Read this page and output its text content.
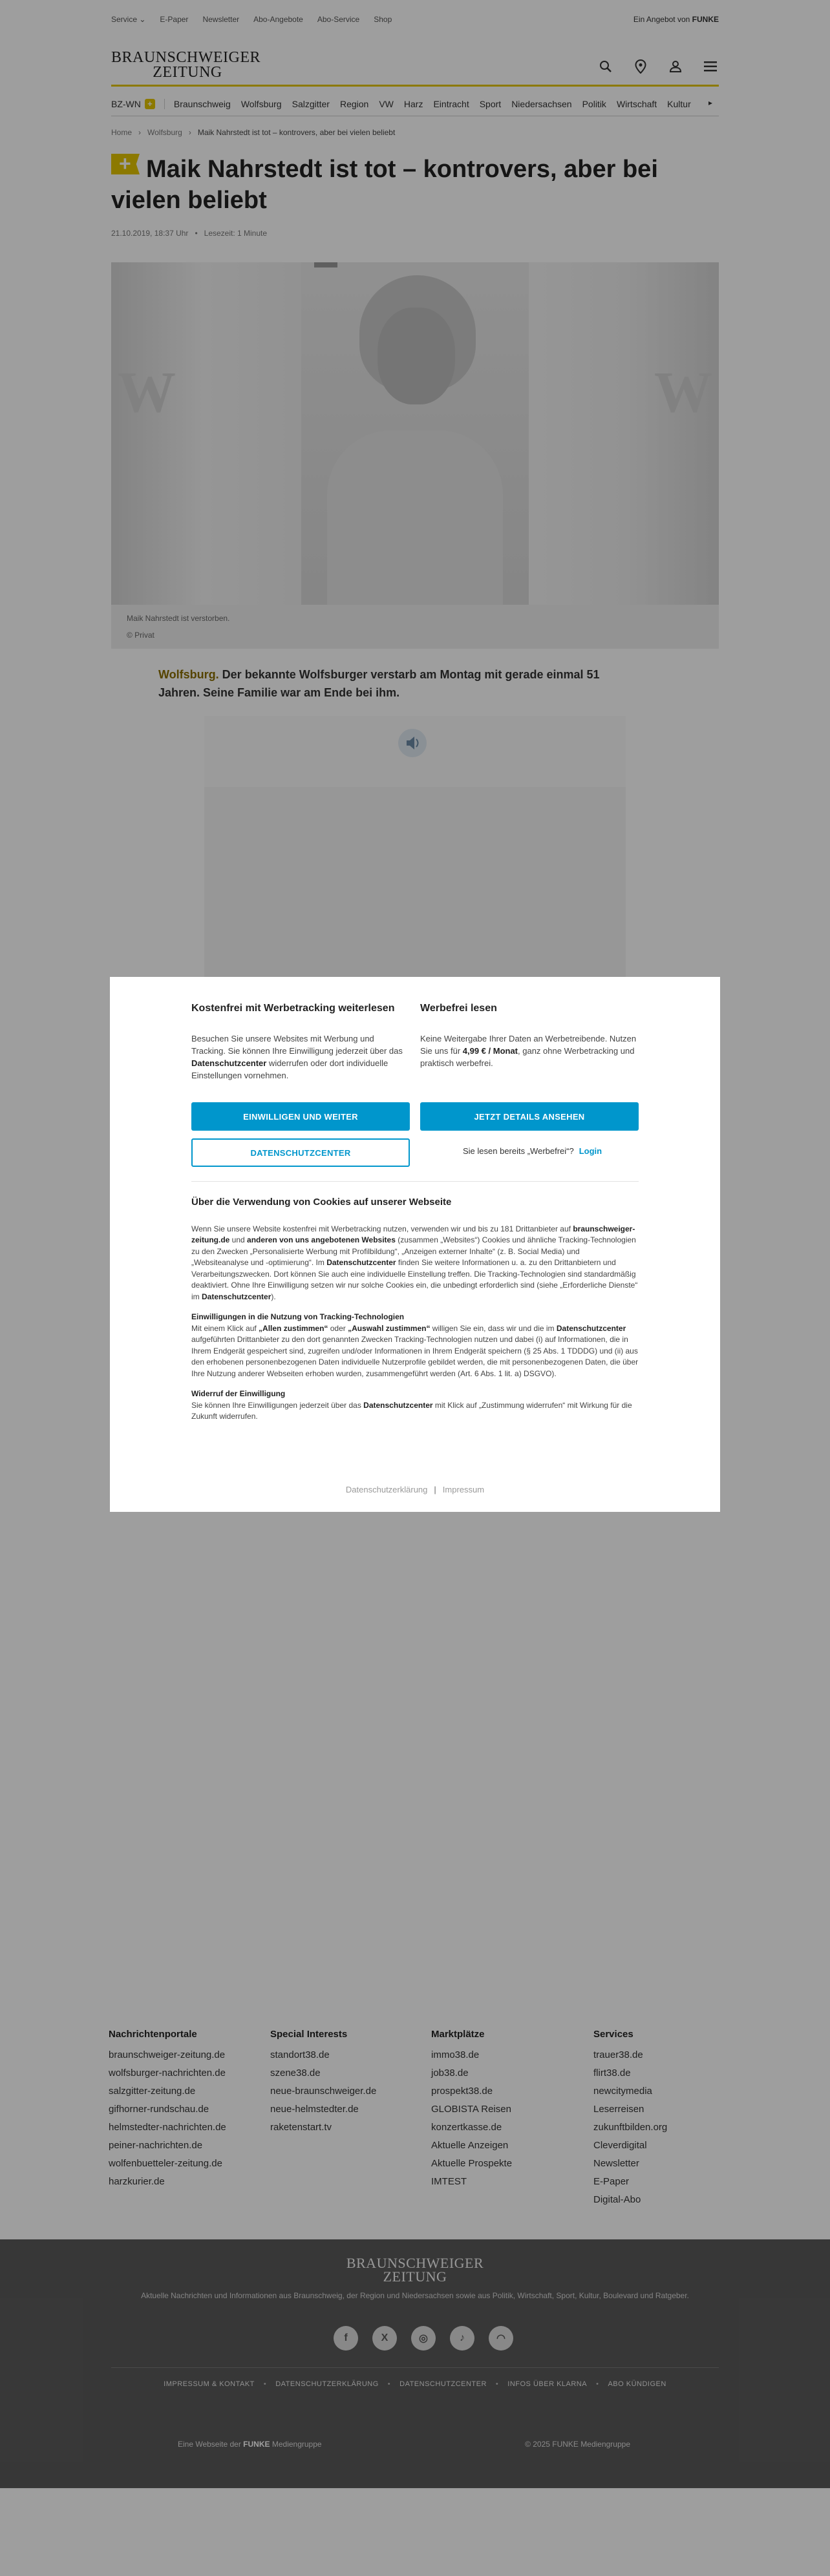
Service ⌄ E-Paper Newsletter Abo-Angebote Abo-Service Shop	Ein Angebot von FUNKE
BRAUNSCHWEIGER
ZEITUNG
BZ-WN +	Braunschweig Wolfsburg Salzgitter Region VW Harz Eintracht Sport Niedersachsen Politik Wirtschaft Kultur ▸
Home › Wolfsburg › Maik Nahrstedt ist tot – kontrovers, aber bei vielen beliebt
+Maik Nahrstedt ist tot – kontrovers, aber bei vielen beliebt
21.10.2019, 18:37 Uhr • Lesezeit: 1 Minute
W	W
Maik Nahrstedt ist verstorben.
© Privat

Wolfsburg. Der bekannte Wolfsburger verstarb am Montag mit gerade einmal 51 Jahren. Seine Familie war am Ende bei ihm.

Nachrichtenportale
braunschweiger-zeitung.de
wolfsburger-nachrichten.de
salzgitter-zeitung.de
gifhorner-rundschau.de
helmstedter-nachrichten.de
peiner-nachrichten.de
wolfenbuetteler-zeitung.de
harzkurier.de
Special Interests
standort38.de
szene38.de
neue-braunschweiger.de
neue-helmstedter.de
raketenstart.tv
Marktplätze
immo38.de
job38.de
prospekt38.de
GLOBISTA Reisen
konzertkasse.de
Aktuelle Anzeigen
Aktuelle Prospekte
IMTEST
Services
trauer38.de
flirt38.de
newcitymedia
Leserreisen
zukunftbilden.org
Cleverdigital
Newsletter
E-Paper
Digital-Abo
BRAUNSCHWEIGER
ZEITUNG
Aktuelle Nachrichten und Informationen aus Braunschweig, der Region und Niedersachsen sowie aus Politik, Wirtschaft, Sport, Kultur, Boulevard und Ratgeber.
f	X	◎	♪	◠
IMPRESSUM & KONTAKT • DATENSCHUTZERKLÄRUNG • DATENSCHUTZCENTER • INFOS ÜBER KLARNA • ABO KÜNDIGEN
Eine Webseite der FUNKE Mediengruppe	© 2025 FUNKE Mediengruppe
Kostenfrei mit Werbetracking weiterlesen

Besuchen Sie unsere Websites mit Werbung und Tracking. Sie können Ihre Einwilligung jederzeit über das Datenschutzcenter widerrufen oder dort individuelle Einstellungen vornehmen.

Werbefrei lesen

Keine Weitergabe Ihrer Daten an Werbetreibende. Nutzen Sie uns für 4,99 € / Monat, ganz ohne Werbetracking und praktisch werbefrei.

EINWILLIGEN UND WEITER	JETZT DETAILS ANSEHEN
DATENSCHUTZCENTER	Sie lesen bereits „Werbefrei“? Login
Über die Verwendung von Cookies auf unserer Webseite

Wenn Sie unsere Website kostenfrei mit Werbetracking nutzen, verwenden wir und bis zu 181 Drittanbieter auf braunschweiger-zeitung.de und anderen von uns angebotenen Websites (zusammen „Websites“) Cookies und ähnliche Tracking-Technologien zu den Zwecken „Personalisierte Werbung mit Profilbildung“, „Anzeigen externer Inhalte“ (z. B. Social Media) und „Websiteanalyse und -optimierung“. Im Datenschutzcenter finden Sie weitere Informationen u. a. zu den Drittanbietern und Verarbeitungszwecken. Dort können Sie auch eine individuelle Einstellung treffen. Die Tracking-Technologien sind standardmäßig deaktiviert. Ohne Ihre Einwilligung setzen wir nur solche Cookies ein, die unbedingt erforderlich sind (siehe „Erforderliche Dienste“ im Datenschutzcenter).

Einwilligungen in die Nutzung von Tracking-Technologien

Mit einem Klick auf „Allen zustimmen“ oder „Auswahl zustimmen“ willigen Sie ein, dass wir und die im Datenschutzcenter aufgeführten Drittanbieter zu den dort genannten Zwecken Tracking-Technologien nutzen und dabei (i) auf Informationen, die in Ihrem Endgerät gespeichert sind, zugreifen und/oder Informationen in Ihrem Endgerät speichern (§ 25 Abs. 1 TDDDG) und (ii) aus den erhobenen personenbezogenen Daten individuelle Nutzerprofile gebildet werden, die mit personenbezogenen Daten, die über Ihre Nutzung anderer Webseiten erhoben wurden, zusammengeführt werden (Art. 6 Abs. 1 lit. a) DSGVO).

Widerruf der Einwilligung

Sie können Ihre Einwilligungen jederzeit über das Datenschutzcenter mit Klick auf „Zustimmung widerrufen“ mit Wirkung für die Zukunft widerrufen.

Datenschutzerklärung | Impressum
